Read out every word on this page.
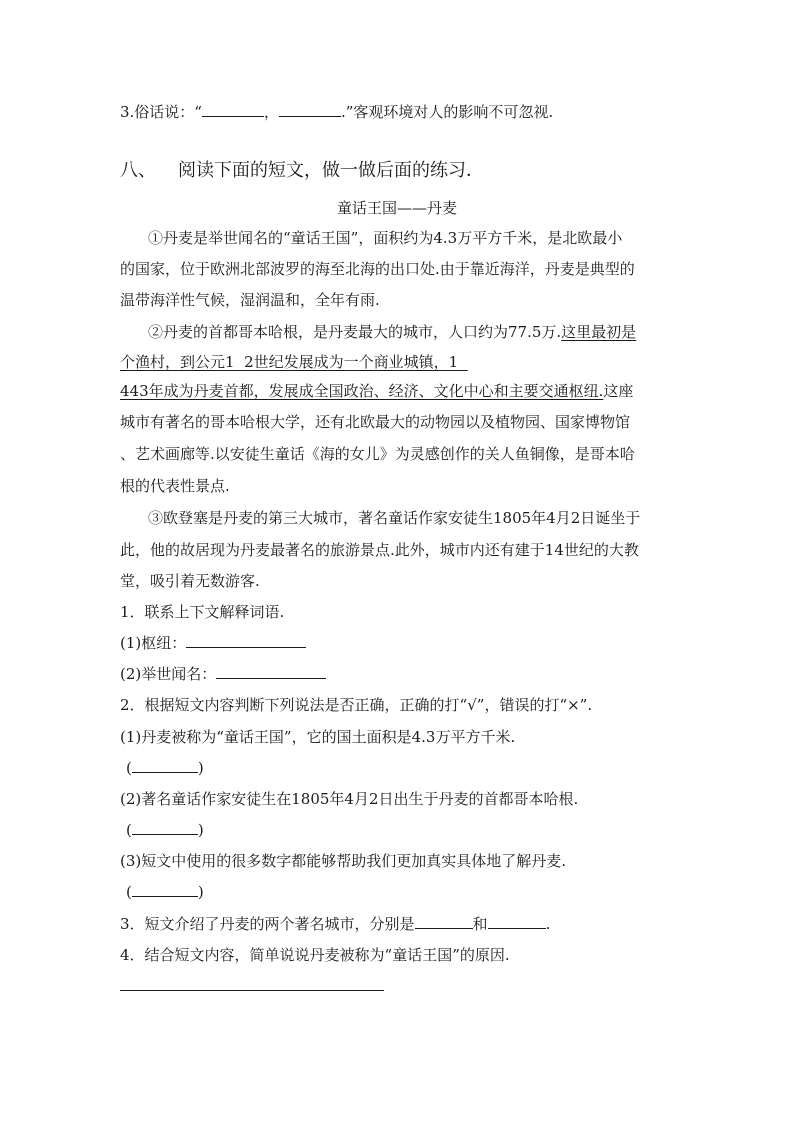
3.俗话说：“	，	.”客观环境对人的影响不可忽视.
八、 阅读下面的短文，做一做后面的练习．
童话王国——丹麦
①丹麦是举世闻名的“童话王国”，面积约为4.3万平方千米，是北欧最小
的国家，位于欧洲北部波罗的海至北海的出口处.由于靠近海洋，丹麦是典型的
温带海洋性气候，湿润温和，全年有雨.
②丹麦的首都哥本哈根，是丹麦最大的城市，人口约为77.5万.这里最初是
个渔村，到公元1  2世纪发展成为一个商业城镇，1
443年成为丹麦首都，发展成全国政治、经济、文化中心和主要交通枢纽.这座
城市有著名的哥本哈根大学，还有北欧最大的动物园以及植物园、国家博物馆
、艺术画廊等.以安徒生童话《海的女儿》为灵感创作的关人鱼铜像，是哥本哈
根的代表性景点.
③欧登塞是丹麦的第三大城市，著名童话作家安徒生1805年4月2日诞坐于
此，他的故居现为丹麦最著名的旅游景点.此外，城市内还有建于14世纪的大教
堂，吸引着无数游客.
1．联系上下文解释词语.
(1)枢纽：
(2)举世闻名：
2．根据短文内容判断下列说法是否正确，正确的打“√”，错误的打“×”.
(1)丹麦被称为“童话王国”，它的国土面积是4.3万平方千米.
(	)
(2)著名童话作家安徒生在1805年4月2日出生于丹麦的首都哥本哈根.
(	)
(3)短文中使用的很多数字都能够帮助我们更加真实具体地了解丹麦.
(	)
3．短文介绍了丹麦的两个著名城市，分别是	和	.
4．结合短文内容，简单说说丹麦被称为“童话王国”的原因.
